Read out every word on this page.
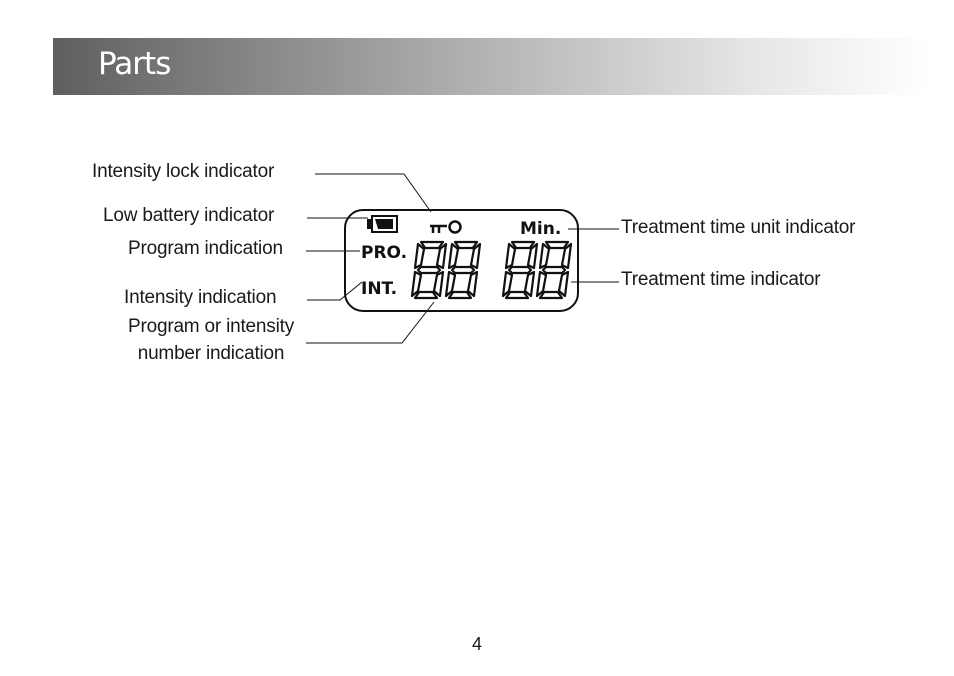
Parts
Intensity lock indicator
Low battery indicator
Program indication
Intensity indication
Program or intensity
number indication
Treatment time unit indicator
Treatment time indicator
Min.
PRO.
INT.
4
